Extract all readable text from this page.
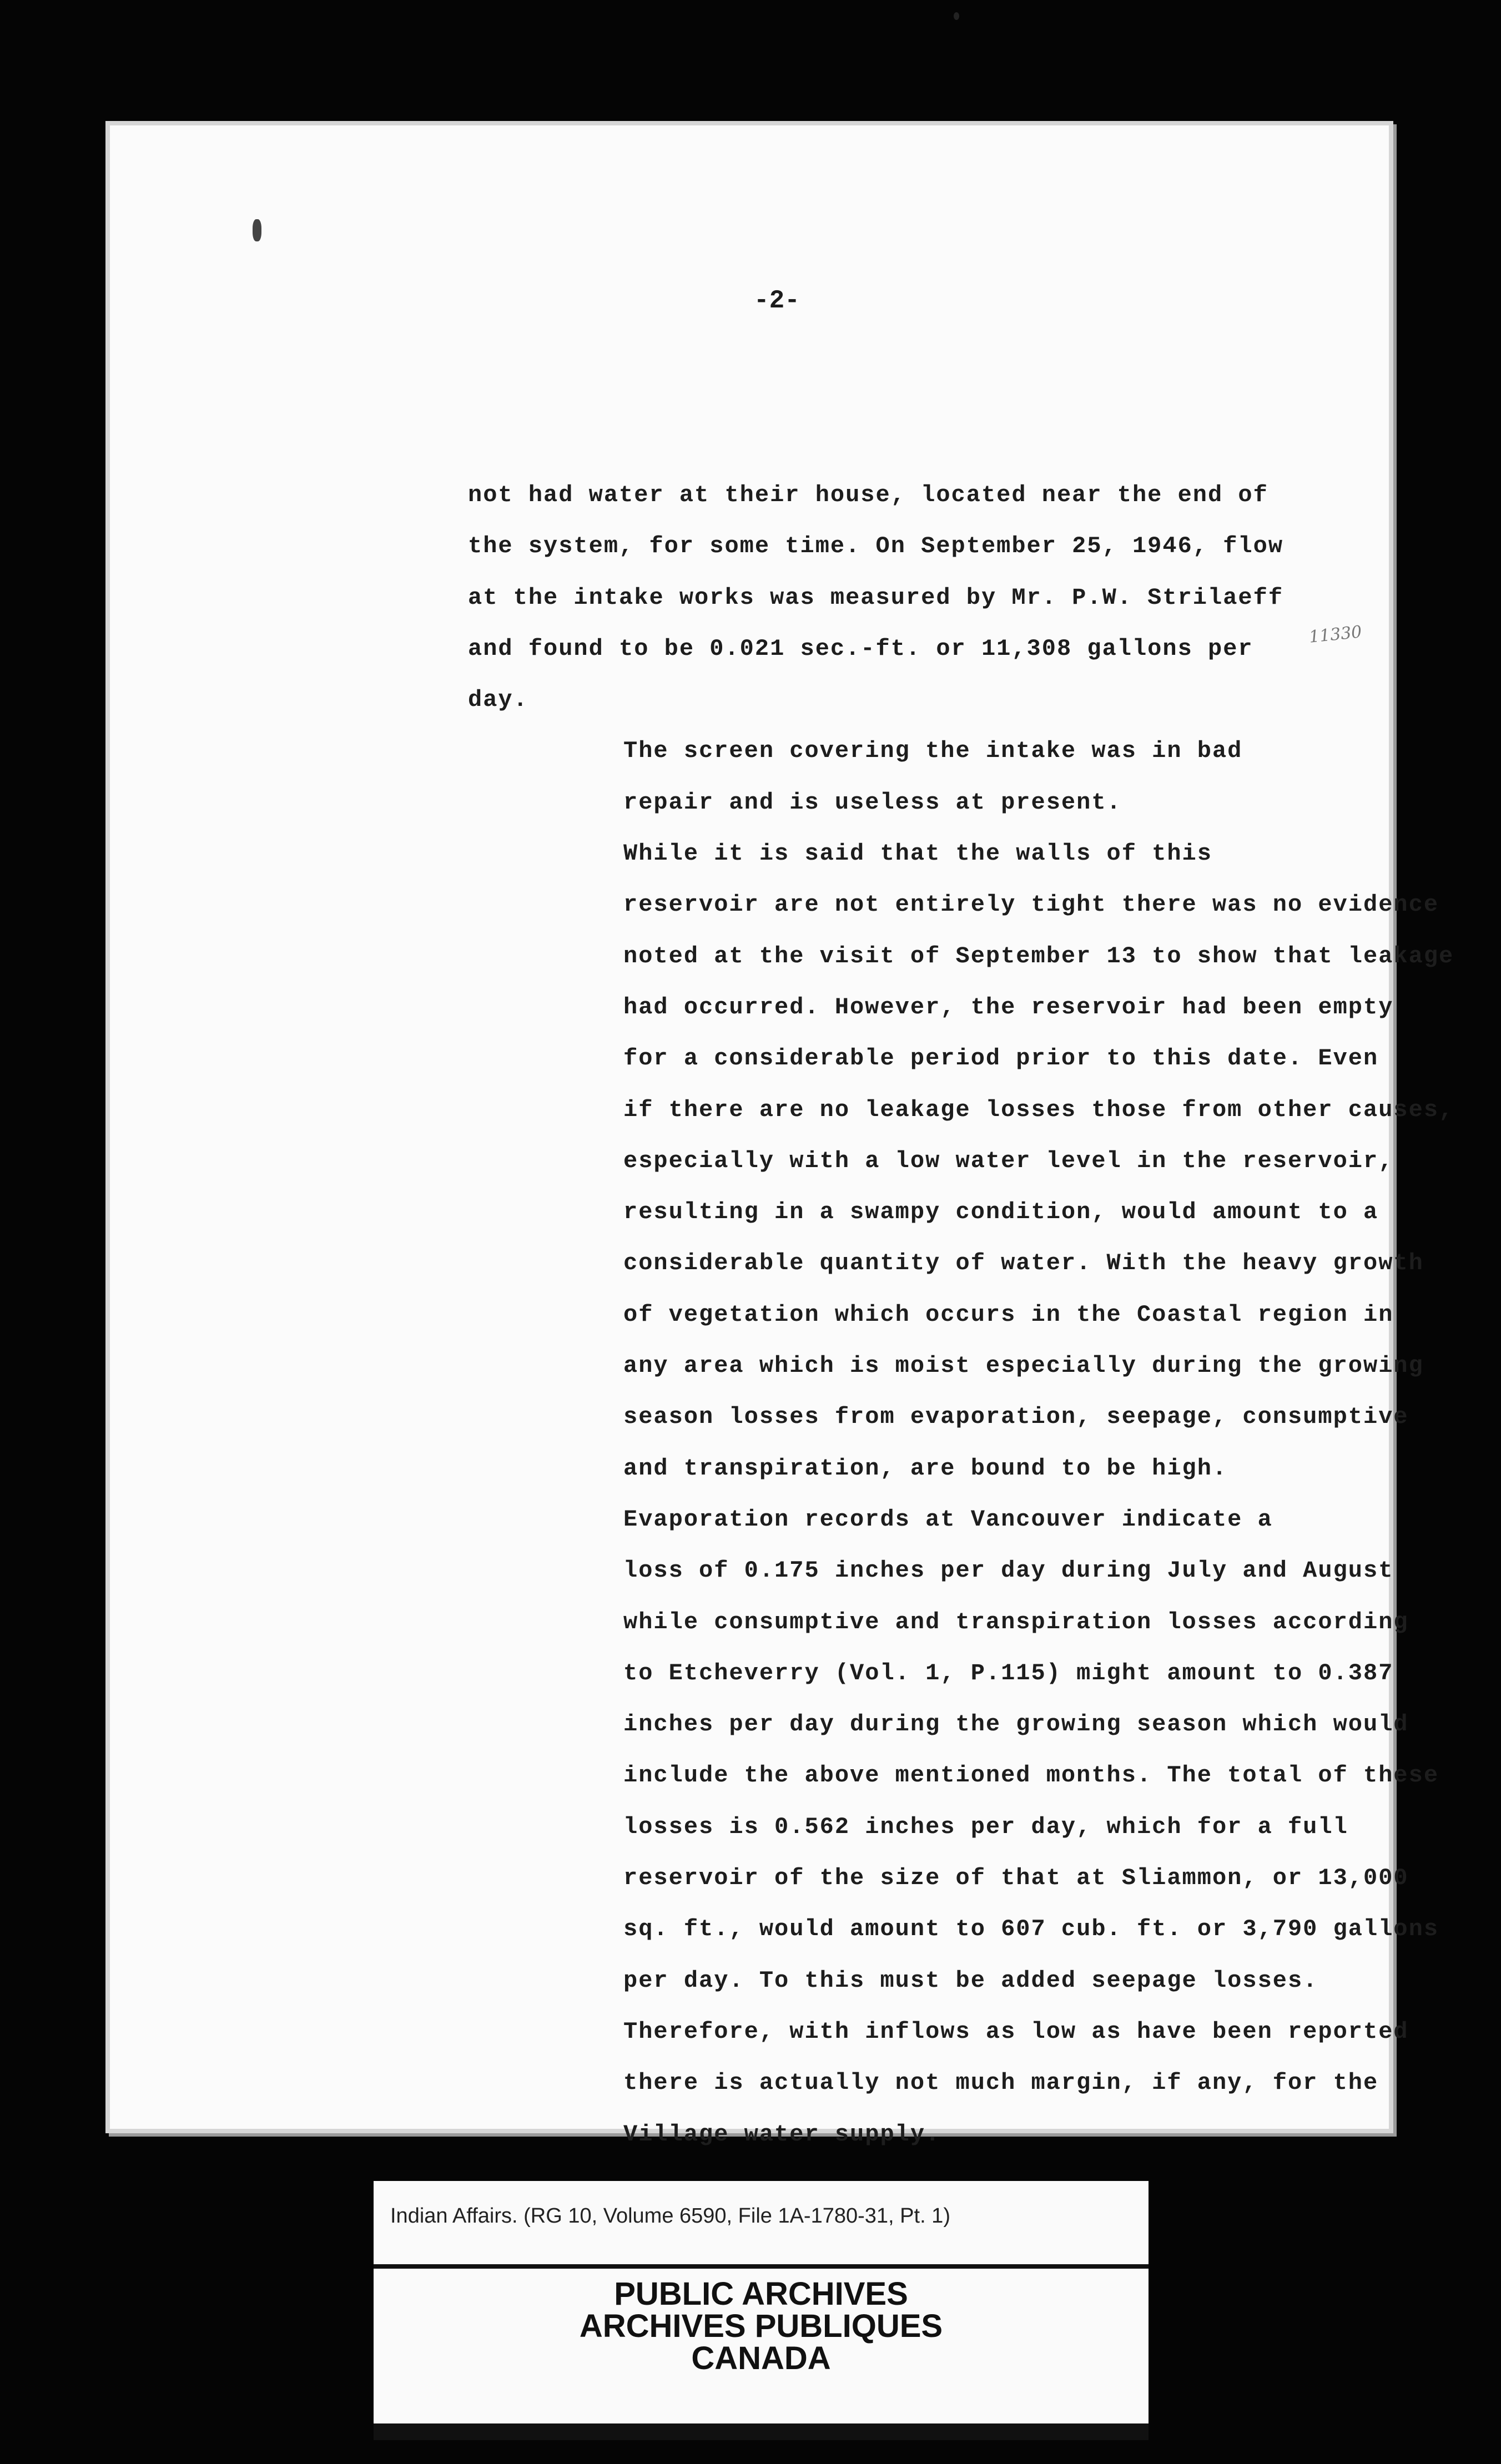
-2-

not had water at their house, located near the end of
the system, for some time. On September 25, 1946, flow
at the intake works was measured by Mr. P.W. Strilaeff
and found to be 0.021 sec.-ft. or 11,308 gallons per
day.

The screen covering the intake was in bad
repair and is useless at present.

While it is said that the walls of this
reservoir are not entirely tight there was no evidence
noted at the visit of September 13 to show that leakage
had occurred. However, the reservoir had been empty
for a considerable period prior to this date. Even
if there are no leakage losses those from other causes,
especially with a low water level in the reservoir,
resulting in a swampy condition, would amount to a
considerable quantity of water. With the heavy growth
of vegetation which occurs in the Coastal region in
any area which is moist especially during the growing
season losses from evaporation, seepage, consumptive
and transpiration, are bound to be high.

Evaporation records at Vancouver indicate a
loss of 0.175 inches per day during July and August
while consumptive and transpiration losses according
to Etcheverry (Vol. 1, P.115) might amount to 0.387
inches per day during the growing season which would
include the above mentioned months. The total of these
losses is 0.562 inches per day, which for a full
reservoir of the size of that at Sliammon, or 13,000
sq. ft., would amount to 607 cub. ft. or 3,790 gallons
per day. To this must be added seepage losses.
Therefore, with inflows as low as have been reported
there is actually not much margin, if any, for the
Village water supply.

11330
Indian Affairs. (RG 10, Volume 6590, File 1A-1780-31, Pt. 1)
PUBLIC ARCHIVES
ARCHIVES PUBLIQUES
CANADA
